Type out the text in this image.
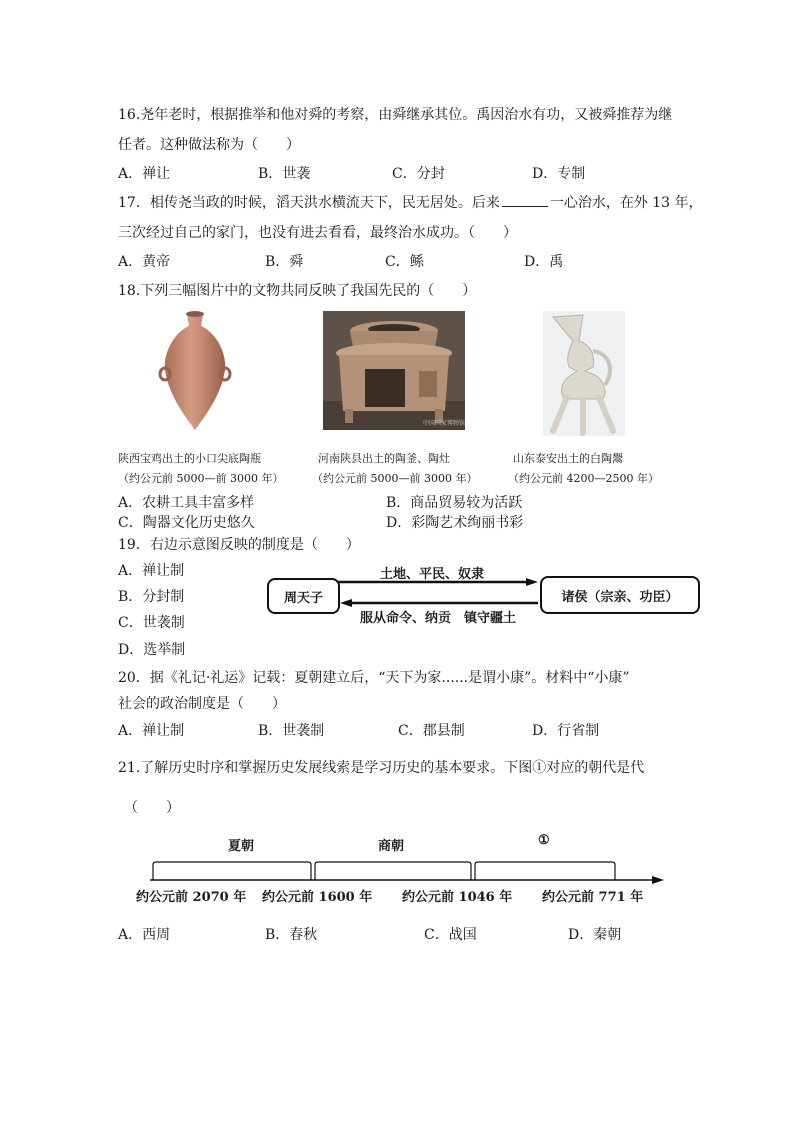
16.尧年老时，根据推举和他对舜的考察，由舜继承其位。禹因治水有功，又被舜推荐为继
任者。这种做法称为（　　）
A．禅让	B．世袭	C．分封	D．专制
17．相传尧当政的时候，滔天洪水横流天下，民无居处。后来	一心治水，在外 13 年，
三次经过自己的家门，也没有进去看看，最终治水成功。（　　）
A．黄帝	B．舜	C．鲧	D．禹
18.下列三幅图片中的文物共同反映了我国先民的（　　）
中国国家博物馆
陕西宝鸡出土的小口尖底陶瓶
（约公元前 5000—前 3000 年）
河南陕县出土的陶釜、陶灶
（约公元前 5000—前 3000 年）
山东泰安出土的白陶鬶
（约公元前 4200—2500 年）
A．农耕工具丰富多样	B．商品贸易较为活跃
C．陶器文化历史悠久	D．彩陶艺术绚丽书彩
19．右边示意图反映的制度是（　　）
A．禅让制
B．分封制
C．世袭制
D．选举制
周天子	诸侯（宗亲、功臣）
土地、平民、奴隶
服从命令、纳贡　镇守疆土
20．据《礼记·礼运》记载：夏朝建立后，“天下为家......是谓小康”。材料中“小康”
社会的政治制度是（　　）
A．禅让制	B．世袭制	C．郡县制	D．行省制
21.了解历史时序和掌握历史发展线索是学习历史的基本要求。下图①对应的朝代是代
（　　）
夏朝	商朝	①
约公元前 2070 年 约公元前 1600 年 约公元前 1046 年 约公元前 771 年
A．西周	B．春秋	C．战国	D．秦朝
